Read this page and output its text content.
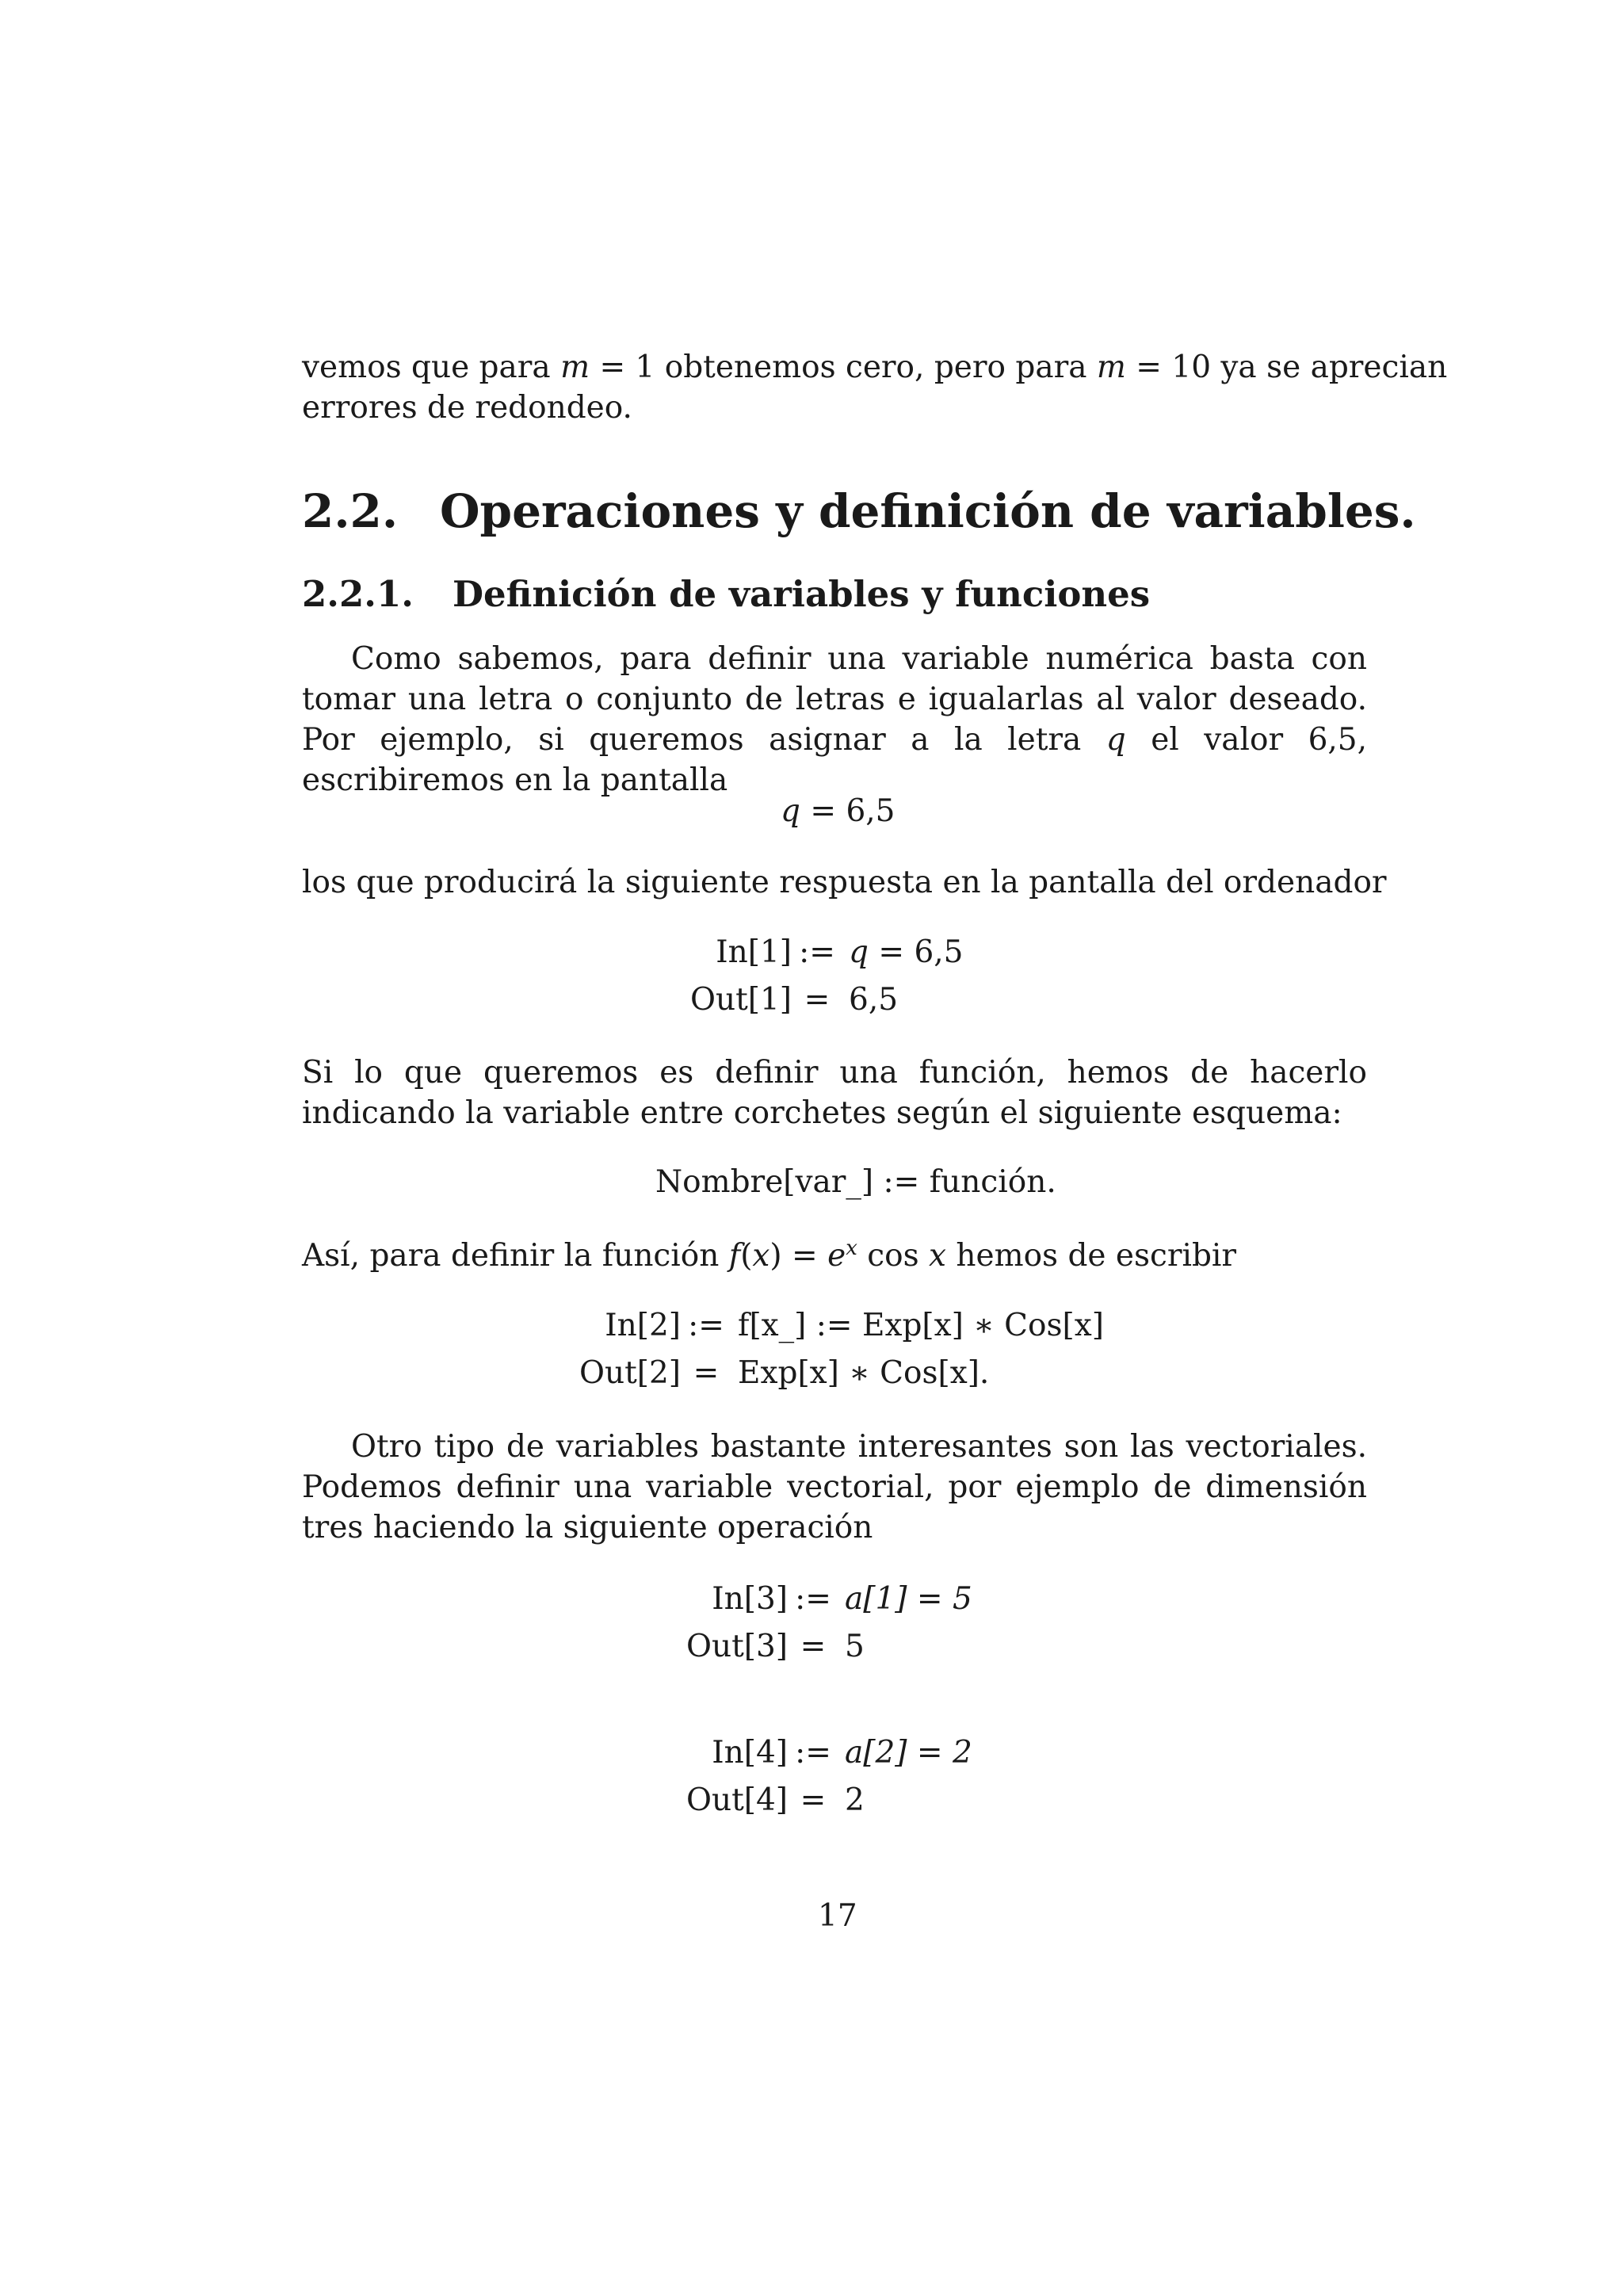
vemos que para m = 1 obtenemos cero, pero para m = 10 ya se aprecian
errores de redondeo.
2.2. Operaciones y definición de variables.
2.2.1. Definición de variables y funciones
Como sabemos, para definir una variable numérica basta con tomar una letra o conjunto de letras e igualarlas al valor deseado. Por ejemplo, si queremos asignar a la letra q el valor 6,5, escribiremos en la pantalla
q = 6,5
los que producirá la siguiente respuesta en la pantalla del ordenador
In[1]	:=	q = 6,5
Out[1]	=	6,5
Si lo que queremos es definir una función, hemos de hacerlo indicando la variable entre corchetes según el siguiente esquema:
Nombre[var_] := función.
Así, para definir la función $f(x) = e^x$ cos x hemos de escribir
In[2]	:=	f[x_] := Exp[x] ∗ Cos[x]
Out[2]	=	Exp[x] ∗ Cos[x].
Otro tipo de variables bastante interesantes son las vectoriales. Podemos definir una variable vectorial, por ejemplo de dimensión tres haciendo la siguiente operación
In[3]	:=	a[1] = 5
Out[3]	=	5
In[4]	:=	a[2] = 2
Out[4]	=	2
17
